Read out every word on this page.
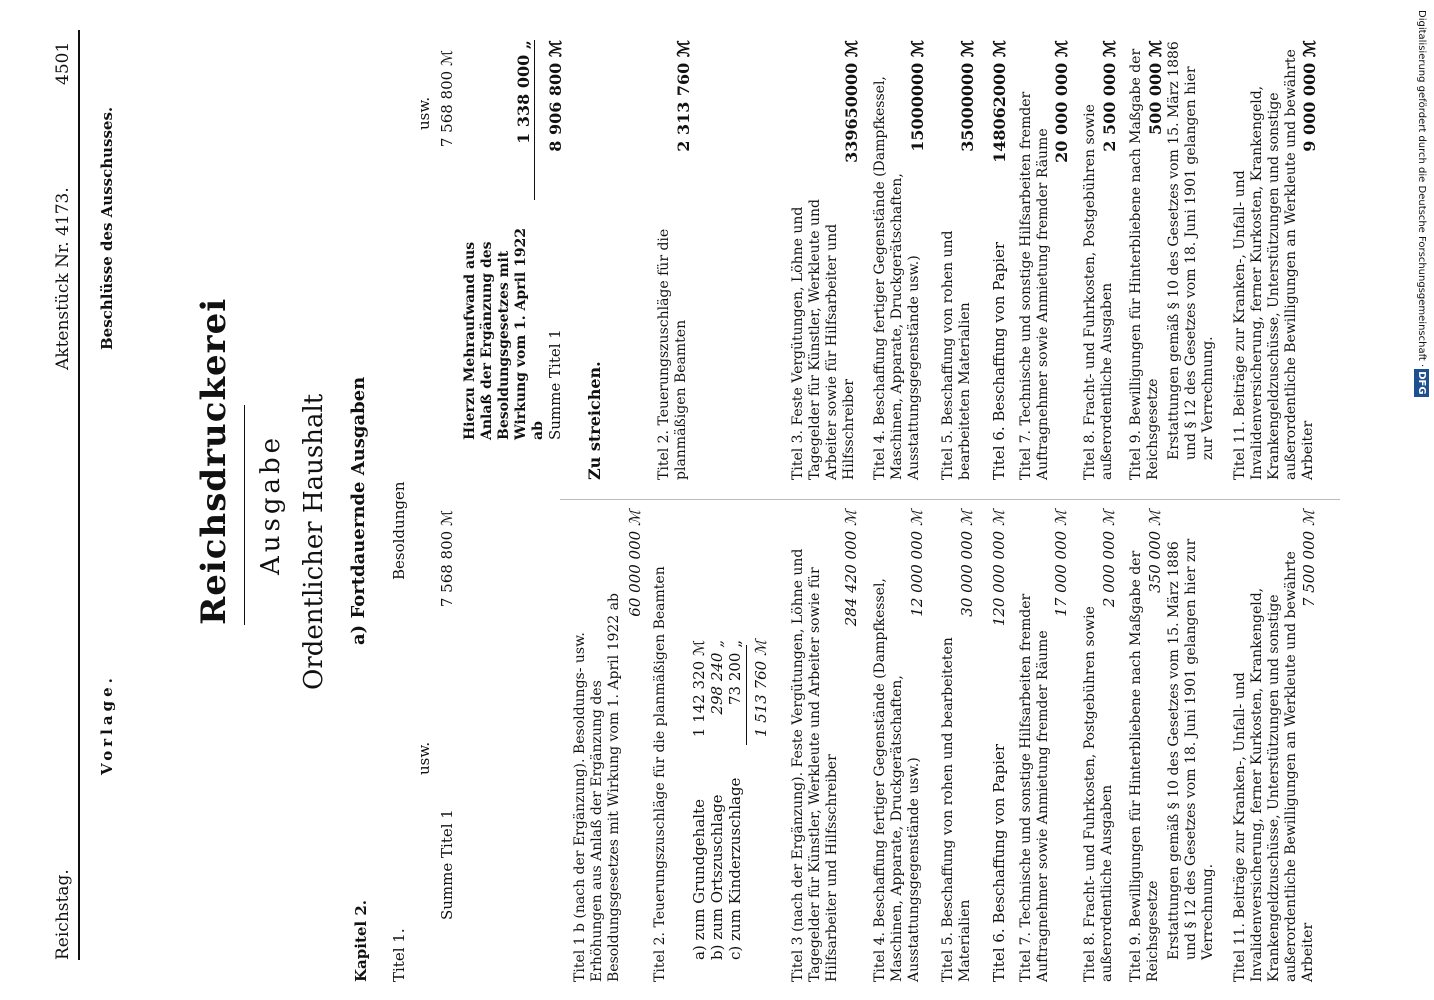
Reichstag.
Aktenstück Nr. 4173.
4501
Vorlage.
Beschlüsse des Ausschusses.
Reichsdruckerei Ausgabe Ordentlicher Haushalt a) Fortdauernde Ausgaben
Kapitel 2. Titel 1.
Besoldungen
usw.
Summe Titel 1
7 568 800 ℳ

Titel 1 b (nach der Ergänzung). Besoldungs- usw. Erhöhungen aus Anlaß der Ergänzung des Besoldungsgesetzes mit Wirkung vom 1. April 1922 ab

60 000 000 ℳ

Titel 2. Teuerungszuschläge für die planmäßigen Beamten a) zum Grundgehalte
1 142 320 ℳ
b) zum Ortszuschlage
298 240 „
c) zum Kinderzuschlage
73 200 „ 1 513 760 ℳ Titel 3 (nach der Ergänzung). Feste Vergütungen, Löhne und Tagegelder für Künstler, Werkleute und Arbeiter sowie für Hilfsarbeiter und Hilfsschreiber

284 420 000 ℳ

Titel 4. Beschaffung fertiger Gegenstände (Dampfkessel, Maschinen, Apparate, Druckgerätschaften, Ausstattungsgegenstände usw.)

12 000 000 ℳ

Titel 5. Beschaffung von rohen und bearbeiteten Materialien

30 000 000 ℳ
Titel 6. Beschaffung von Papier
120 000 000 ℳ

Titel 7. Technische und sonstige Hilfsarbeiten fremder Auftragnehmer sowie Anmietung fremder Räume

17 000 000 ℳ

Titel 8. Fracht- und Fuhrkosten, Postgebühren sowie außerordentliche Ausgaben

2 000 000 ℳ Titel 9. Bewilligungen für Hinterbliebene nach Maßgabe der Reichsgesetze

350 000 ℳ Erstattungen gemäß § 10 des Gesetzes vom 15. März 1886 und § 12 des Gesetzes vom 18. Juni 1901 gelangen hier zur Verrechnung. Titel 11. Beiträge zur Kranken-, Unfall- und Invalidenversicherung, ferner Kurkosten, Krankengeld, Krankengeldzuschüsse, Unterstützungen und sonstige außerordentliche Bewilligungen an Werkleute und bewährte Arbeiter

7 500 000 ℳ
usw. 7 568 800 ℳ

Hierzu Mehraufwand aus Anlaß der Ergänzung des Besoldungsgesetzes mit Wirkung vom 1. April 1922 ab

1 338 000 „
Summe Titel 1
8 906 800 ℳ
Zu streichen.	Titel 2. Teuerungszuschläge für die planmäßigen Beamten

2 313 760 ℳ

Titel 3. Feste Vergütungen, Löhne und Tagegelder für Künstler, Werkleute und Arbeiter sowie für Hilfsarbeiter und Hilfsschreiber

339650000 ℳ Titel 4. Beschaffung fertiger Gegenstände (Dampfkessel, Maschinen, Apparate, Druckgerätschaften, Ausstattungsgegenstände usw.)

15000000 ℳ

Titel 5. Beschaffung von rohen und bearbeiteten Materialien

35000000 ℳ
Titel 6. Beschaffung von Papier
148062000 ℳ Titel 7. Technische und sonstige Hilfsarbeiten fremder Auftragnehmer sowie Anmietung fremder Räume

20 000 000 ℳ

Titel 8. Fracht- und Fuhrkosten, Postgebühren sowie außerordentliche Ausgaben

2 500 000 ℳ Titel 9. Bewilligungen für Hinterbliebene nach Maßgabe der Reichsgesetze

500 000 ℳ Erstattungen gemäß § 10 des Gesetzes vom 15. März 1886 und § 12 des Gesetzes vom 18. Juni 1901 gelangen hier zur Verrechnung. Titel 11. Beiträge zur Kranken-, Unfall- und Invalidenversicherung, ferner Kurkosten, Krankengeld, Krankengeldzuschüsse, Unterstützungen und sonstige außerordentliche Bewilligungen an Werkleute und bewährte Arbeiter

9 000 000 ℳ	Digitalisierung gefördert durch die Deutsche Forschungsgemeinschaft ·DFG
